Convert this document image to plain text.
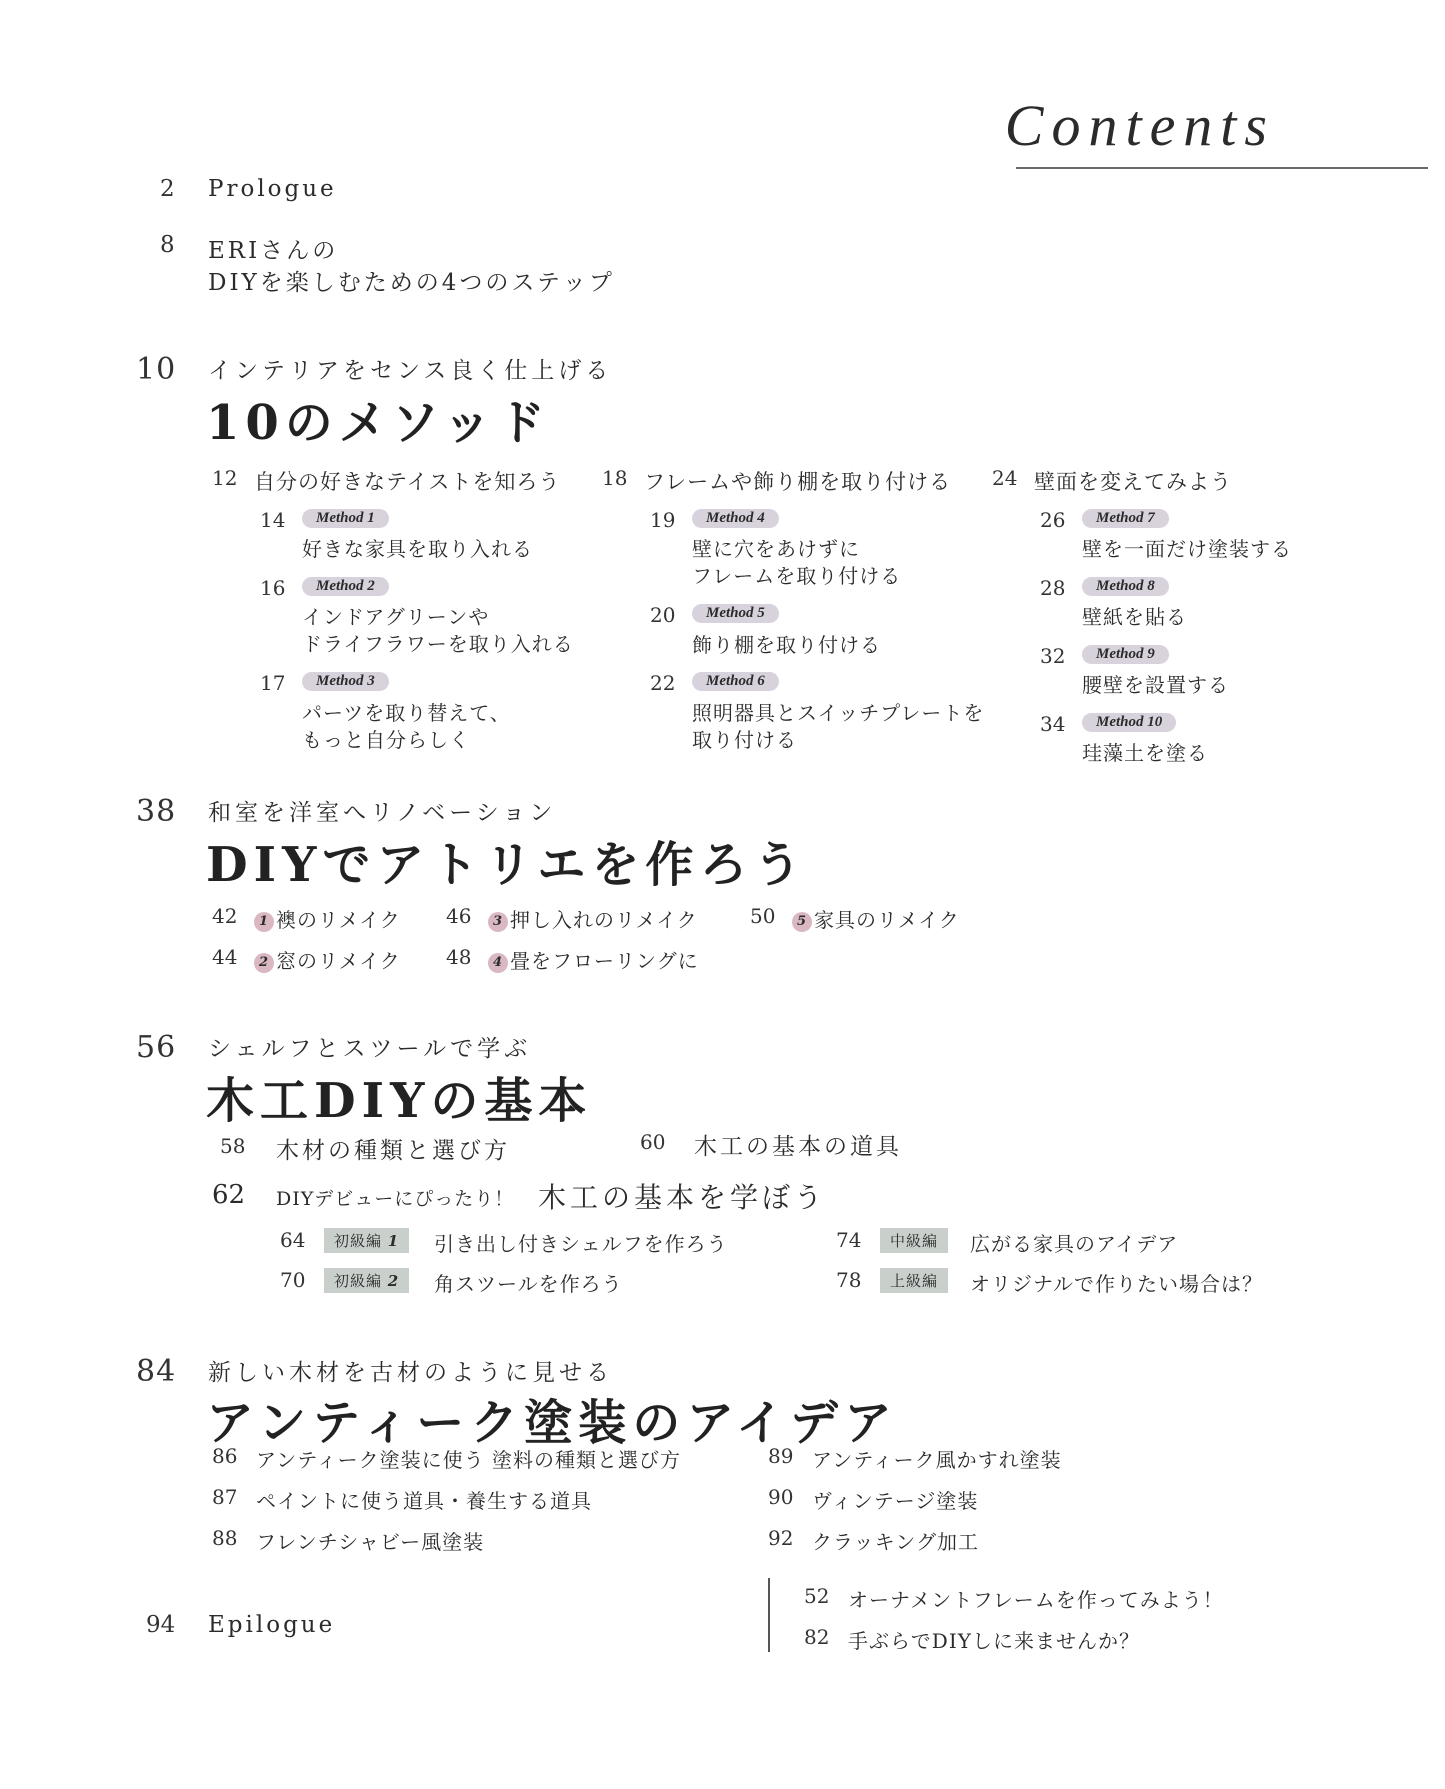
Contents
2 Prologue
8 ERIさんの
DIYを楽しむための4つのステップ
10 インテリアをセンス良く仕上げる
10のメソッド
12 自分の好きなテイストを知ろう
14	Method 1
好きな家具を取り入れる
16	Method 2
インドアグリーンや
ドライフラワーを取り入れる
17	Method 3
パーツを取り替えて、
もっと自分らしく
18 フレームや飾り棚を取り付ける
19	Method 4
壁に穴をあけずに
フレームを取り付ける
20	Method 5
飾り棚を取り付ける
22	Method 6
照明器具とスイッチプレートを
取り付ける
24 壁面を変えてみよう
26	Method 7
壁を一面だけ塗装する
28	Method 8
壁紙を貼る
32	Method 9
腰壁を設置する
34	Method 10
珪藻土を塗る
38 和室を洋室へリノベーション
DIYでアトリエを作ろう
42	1 襖のリメイク
44	2 窓のリメイク
46	3 押し入れのリメイク
48	4 畳をフローリングに
50	5 家具のリメイク
56 シェルフとスツールで学ぶ
木工DIYの基本
58 木材の種類と選び方	60 木工の基本の道具
62 DIYデビューにぴったり！ 木工の基本を学ぼう
64	初級編 1	引き出し付きシェルフを作ろう
70	初級編 2	角スツールを作ろう
74	中級編	広がる家具のアイデア
78	上級編	オリジナルで作りたい場合は？
84 新しい木材を古材のように見せる
アンティーク塗装のアイデア
86 アンティーク塗装に使う 塗料の種類と選び方
87 ペイントに使う道具・養生する道具
88 フレンチシャビー風塗装
89 アンティーク風かすれ塗装
90 ヴィンテージ塗装
92 クラッキング加工
94 Epilogue
52 オーナメントフレームを作ってみよう！
82 手ぶらでDIYしに来ませんか？
